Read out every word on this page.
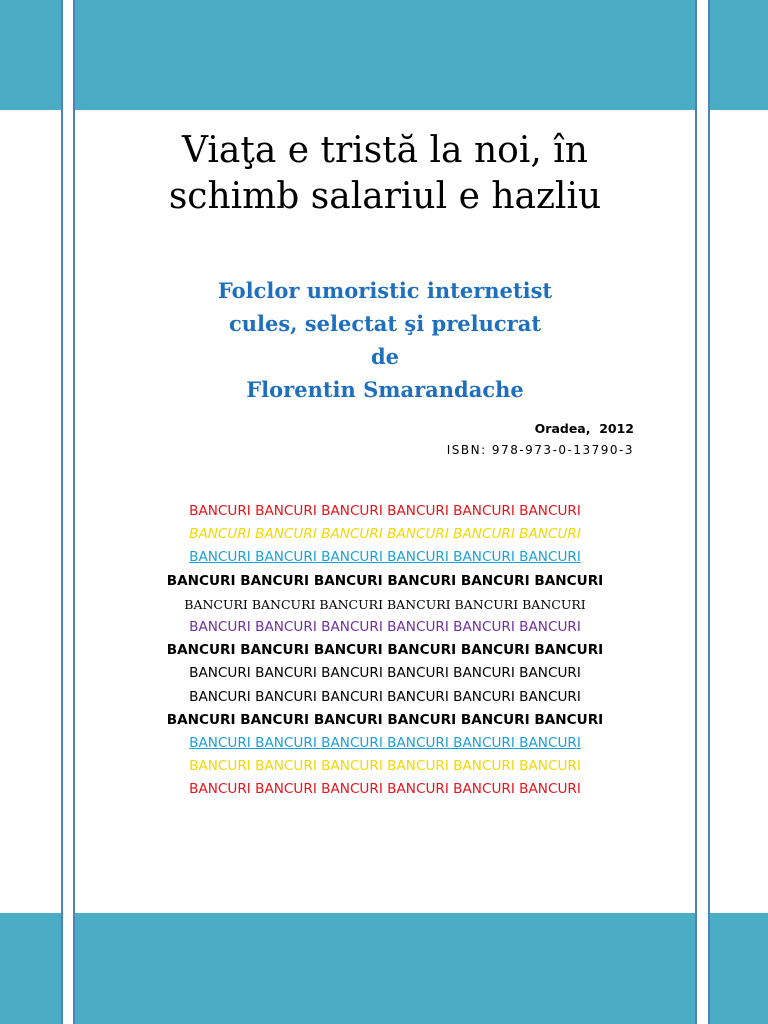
Viaţa e tristă la noi, în
schimb salariul e hazliu
Folclor umoristic internetist
cules, selectat şi prelucrat
de
Florentin Smarandache
Oradea,  2012
ISBN: 978-973-0-13790-3
BANCURI BANCURI BANCURI BANCURI BANCURI BANCURI
BANCURI BANCURI BANCURI BANCURI BANCURI BANCURI
BANCURI BANCURI BANCURI BANCURI BANCURI BANCURI
BANCURI BANCURI BANCURI BANCURI BANCURI BANCURI
BANCURI BANCURI BANCURI BANCURI BANCURI BANCURI
BANCURI BANCURI BANCURI BANCURI BANCURI BANCURI
BANCURI BANCURI BANCURI BANCURI BANCURI BANCURI
BANCURI BANCURI BANCURI BANCURI BANCURI BANCURI
BANCURI BANCURI BANCURI BANCURI BANCURI BANCURI
BANCURI BANCURI BANCURI BANCURI BANCURI BANCURI
BANCURI BANCURI BANCURI BANCURI BANCURI BANCURI
BANCURI BANCURI BANCURI BANCURI BANCURI BANCURI
BANCURI BANCURI BANCURI BANCURI BANCURI BANCURI
